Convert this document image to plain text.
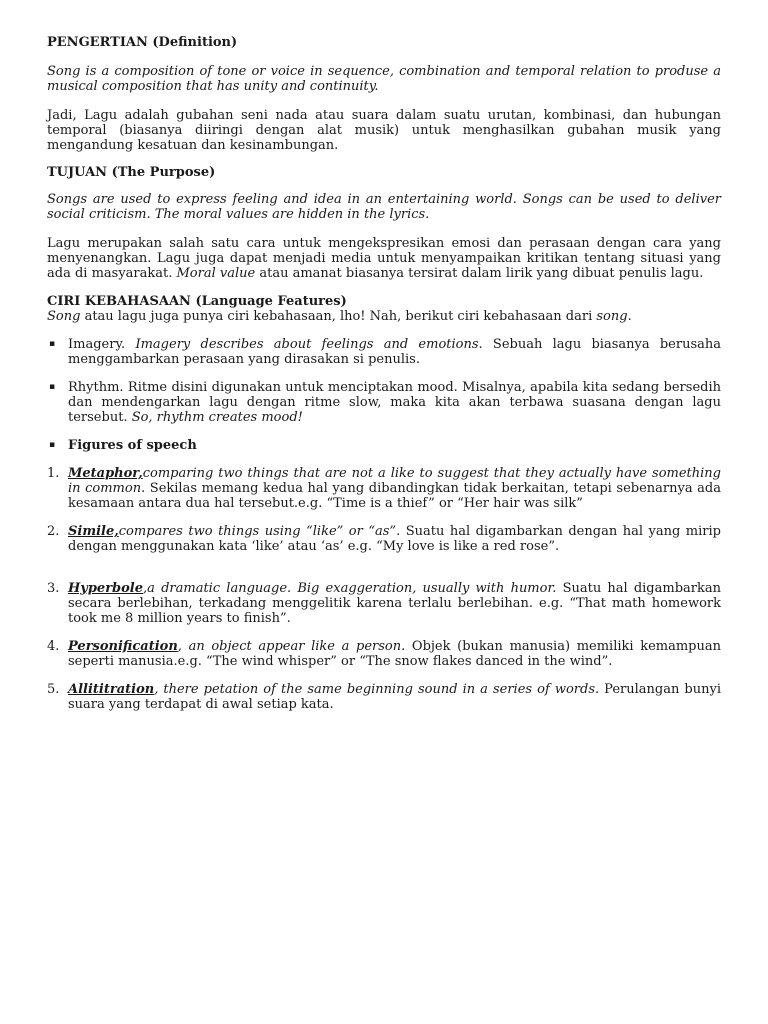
PENGERTIAN (Definition)

Song is a composition of tone or voice in sequence, combination and temporal relation to produse a musical composition that has unity and continuity.

Jadi, Lagu adalah gubahan seni nada atau suara dalam suatu urutan, kombinasi, dan hubungan temporal (biasanya diiringi dengan alat musik) untuk menghasilkan gubahan musik yang mengandung kesatuan dan kesinambungan.

TUJUAN (The Purpose)

Songs are used to express feeling and idea in an entertaining world. Songs can be used to deliver social criticism. The moral values are hidden in the lyrics.

Lagu merupakan salah satu cara untuk mengekspresikan emosi dan perasaan dengan cara yang menyenangkan. Lagu juga dapat menjadi media untuk menyampaikan kritikan tentang situasi yang ada di masyarakat. Moral value atau amanat biasanya tersirat dalam lirik yang dibuat penulis lagu.

CIRI KEBAHASAAN (Language Features)

Song atau lagu juga punya ciri kebahasaan, lho! Nah, berikut ciri kebahasaan dari song.

▪ Imagery. Imagery describes about feelings and emotions. Sebuah lagu biasanya berusaha menggambarkan perasaan yang dirasakan si penulis.
▪ Rhythm. Ritme disini digunakan untuk menciptakan mood. Misalnya, apabila kita sedang bersedih dan mendengarkan lagu dengan ritme slow, maka kita akan terbawa suasana dengan lagu tersebut. So, rhythm creates mood!
▪ Figures of speech
1. Metaphor,comparing two things that are not a like to suggest that they actually have something in common. Sekilas memang kedua hal yang dibandingkan tidak berkaitan, tetapi sebenarnya ada kesamaan antara dua hal tersebut.e.g. “Time is a thief” or “Her hair was silk”
2. Simile,compares two things using “like” or “as”. Suatu hal digambarkan dengan hal yang mirip dengan menggunakan kata ‘like’ atau ‘as’ e.g. “My love is like a red rose”.
3. Hyperbole,a dramatic language. Big exaggeration, usually with humor. Suatu hal digambarkan secara berlebihan, terkadang menggelitik karena terlalu berlebihan. e.g. “That math homework took me 8 million years to finish”.
4. Personification, an object appear like a person. Objek (bukan manusia) memiliki kemampuan seperti manusia.e.g. “The wind whisper” or “The snow flakes danced in the wind”.
5. Allititration, there petation of the same beginning sound in a series of words. Perulangan bunyi suara yang terdapat di awal setiap kata.
